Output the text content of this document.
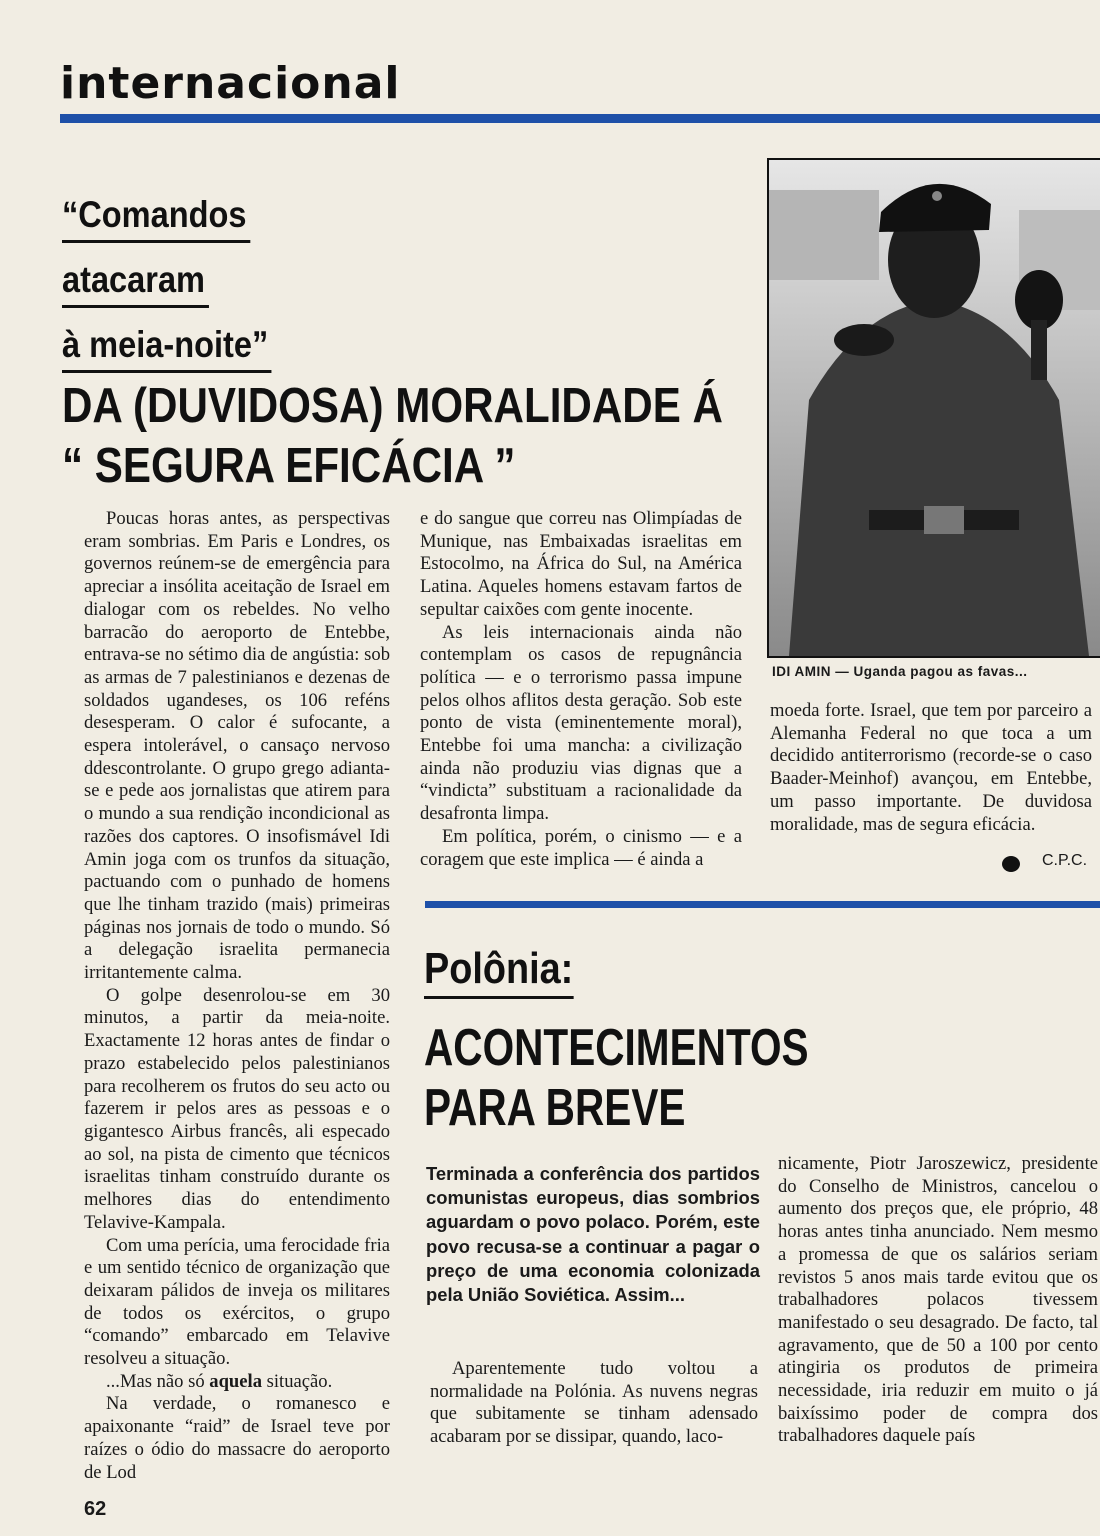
internacional
“Comandos
atacaram
à meia-noite”
DA (DUVIDOSA) MORALIDADE Á
“ SEGURA EFICÁCIA ”

Poucas horas antes, as perspectivas eram sombrias. Em Paris e Londres, os governos reúnem-se de emergência para apreciar a insólita aceitação de Israel em dialogar com os rebeldes. No velho barracão do aeroporto de Entebbe, entrava-se no sétimo dia de angústia: sob as armas de 7 palestinianos e dezenas de soldados ugandeses, os 106 reféns desesperam. O calor é sufocante, a espera intolerável, o cansaço nervoso ddescontrolante. O grupo grego adianta-se e pede aos jornalistas que atirem para o mundo a sua rendição incondicional as razões dos captores. O insofismável Idi Amin joga com os trunfos da situação, pactuando com o punhado de homens que lhe tinham trazido (mais) primeiras páginas nos jornais de todo o mundo. Só a delegação israelita permanecia irritantemente calma.

O golpe desenrolou-se em 30 minutos, a partir da meia-noite. Exactamente 12 horas antes de findar o prazo estabelecido pelos palestinianos para recolherem os frutos do seu acto ou fazerem ir pelos ares as pessoas e o gigantesco Airbus francês, ali especado ao sol, na pista de cimento que técnicos israelitas tinham construído durante os melhores dias do entendimento Telavive-Kampala.

Com uma perícia, uma ferocidade fria e um sentido técnico de organização que deixaram pálidos de inveja os militares de todos os exércitos, o grupo “comando” embarcado em Telavive resolveu a situação.

...Mas não só aquela situação.

Na verdade, o romanesco e apaixonante “raid” de Israel teve por raízes o ódio do massacre do aeroporto de Lod

e do sangue que correu nas Olimpíadas de Munique, nas Embaixadas israelitas em Estocolmo, na África do Sul, na América Latina. Aqueles homens estavam fartos de sepultar caixões com gente inocente.

As leis internacionais ainda não contemplam os casos de repugnância política — e o terrorismo passa impune pelos olhos aflitos desta geração. Sob este ponto de vista (eminentemente moral), Entebbe foi uma mancha: a civilização ainda não produziu vias dignas que a “vindicta” substituam a racionalidade da desafronta limpa.

Em política, porém, o cinismo — e a coragem que este implica — é ainda a

IDI AMIN — Uganda pagou as favas...

moeda forte. Israel, que tem por parceiro a Alemanha Federal no que toca a um decidido antiterrorismo (recorde-se o caso Baader-Meinhof) avançou, em Entebbe, um passo importante. De duvidosa moralidade, mas de segura eficácia.

C.P.C.
Polônia:
ACONTECIMENTOS
PARA BREVE
Terminada a conferência dos partidos comunistas europeus, dias sombrios aguardam o povo polaco. Porém, este povo recusa-se a continuar a pagar o preço de uma economia colonizada pela União Soviética. Assim...

Aparentemente tudo voltou a normalidade na Polónia. As nuvens negras que subitamente se tinham adensado acabaram por se dissipar, quando, laco-

nicamente, Piotr Jaroszewicz, presidente do Conselho de Ministros, cancelou o aumento dos preços que, ele próprio, 48 horas antes tinha anunciado. Nem mesmo a promessa de que os salários seriam revistos 5 anos mais tarde evitou que os trabalhadores polacos tivessem manifestado o seu desagrado. De facto, tal agravamento, que de 50 a 100 por cento atingiria os produtos de primeira necessidade, iria reduzir em muito o já baixíssimo poder de compra dos trabalhadores daquele país

62
